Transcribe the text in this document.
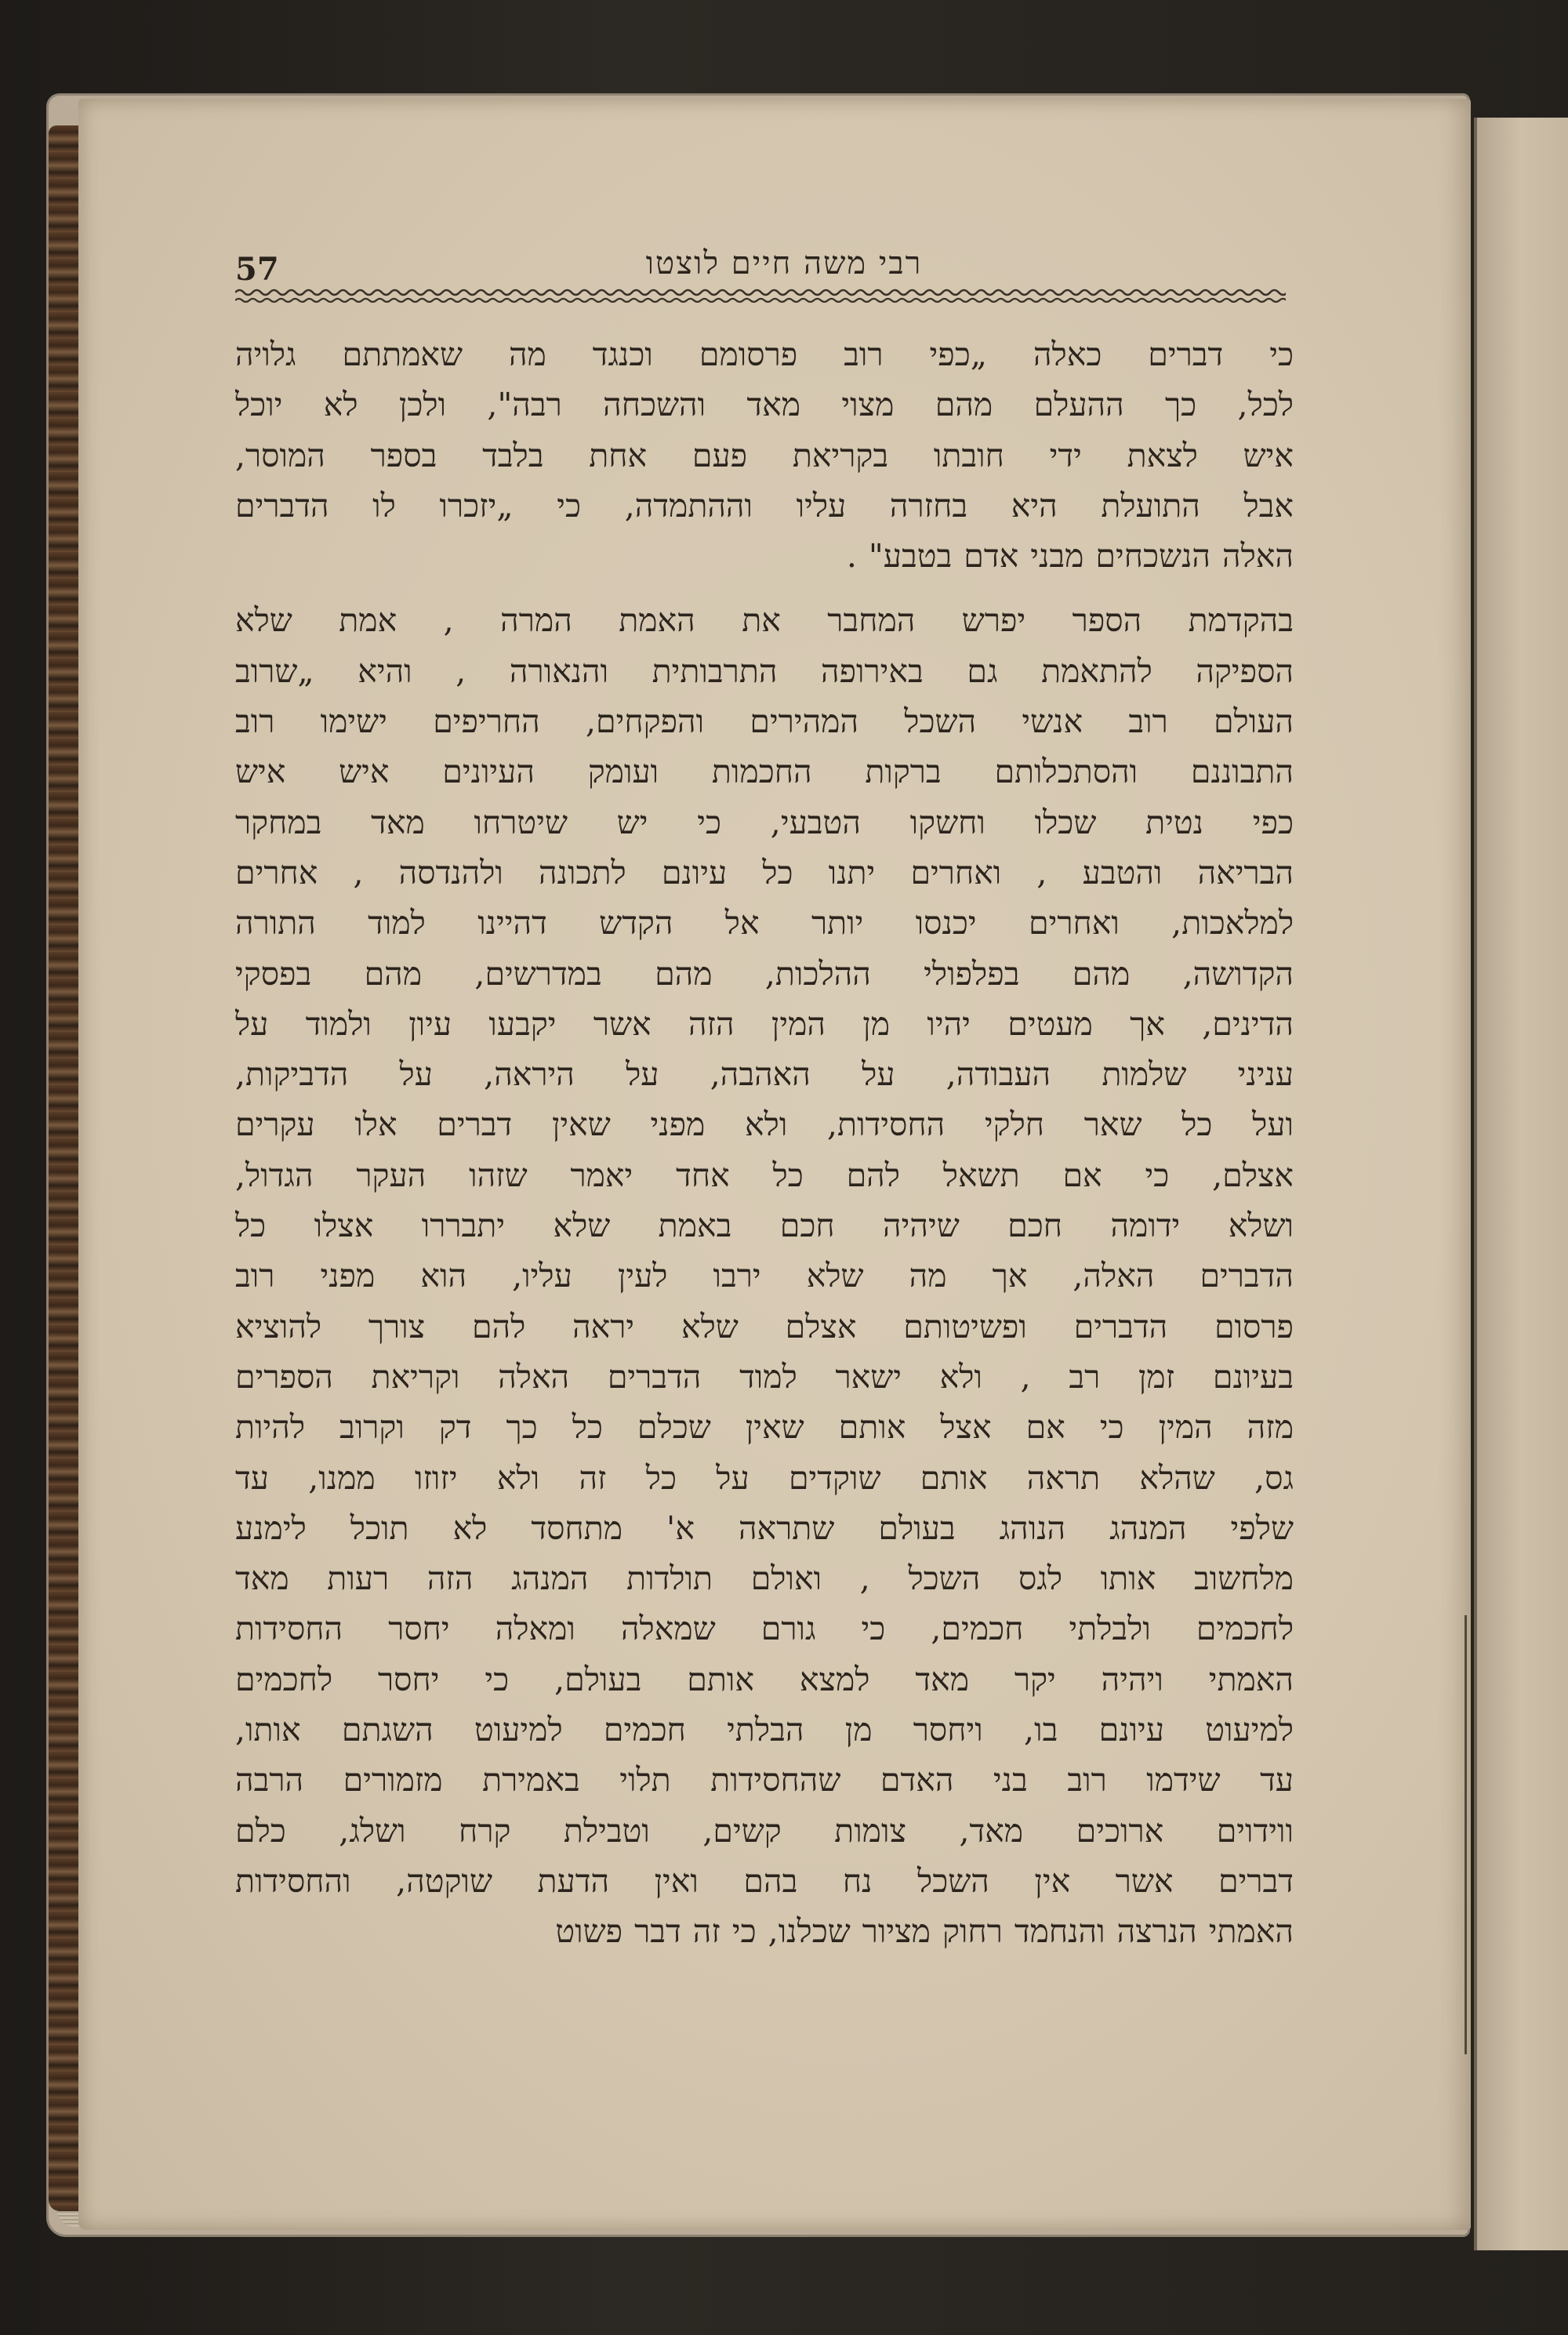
57	רבי משה חיים לוצטו
כי דברים כאלה „כפי רוב פרסומם וכנגד מה שאמתתם גלויה
לכל, כך ההעלם מהם מצוי מאד והשכחה רבה", ולכן לא יוכל
איש לצאת ידי חובתו בקריאת פעם אחת בלבד בספר המוסר,
אבל התועלת היא בחזרה עליו וההתמדה, כי „יזכרו לו הדברים
האלה הנשכחים מבני אדם בטבע" .
בהקדמת הספר יפרש המחבר את האמת המרה , אמת שלא
הספיקה להתאמת גם באירופה התרבותית והנאורה , והיא „שרוב
העולם רוב אנשי השכל המהירים והפקחים, החריפים ישימו רוב
התבוננם והסתכלותם ברקות החכמות ועומק העיונים איש איש
כפי נטית שכלו וחשקו הטבעי, כי יש שיטרחו מאד במחקר
הבריאה והטבע , ואחרים יתנו כל עיונם לתכונה ולהנדסה , אחרים
למלאכות, ואחרים יכנסו יותר אל הקדש דהיינו למוד התורה
הקדושה, מהם בפלפולי ההלכות, מהם במדרשים, מהם בפסקי
הדינים, אך מעטים יהיו מן המין הזה אשר יקבעו עיון ולמוד על
עניני שלמות העבודה, על האהבה, על היראה, על הדביקות,
ועל כל שאר חלקי החסידות, ולא מפני שאין דברים אלו עקרים
אצלם, כי אם תשאל להם כל אחד יאמר שזהו העקר הגדול,
ושלא ידומה חכם שיהיה חכם באמת שלא יתבררו אצלו כל
הדברים האלה, אך מה שלא ירבו לעין עליו, הוא מפני רוב
פרסום הדברים ופשיטותם אצלם שלא יראה להם צורך להוציא
בעיונם זמן רב , ולא ישאר למוד הדברים האלה וקריאת הספרים
מזה המין כי אם אצל אותם שאין שכלם כל כך דק וקרוב להיות
גס, שהלא תראה אותם שוקדים על כל זה ולא יזוזו ממנו, עד
שלפי המנהג הנוהג בעולם שתראה א' מתחסד לא תוכל לימנע
מלחשוב אותו לגס השכל , ואולם תולדות המנהג הזה רעות מאד
לחכמים ולבלתי חכמים, כי גורם שמאלה ומאלה יחסר החסידות
האמתי ויהיה יקר מאד למצא אותם בעולם, כי יחסר לחכמים
למיעוט עיונם בו, ויחסר מן הבלתי חכמים למיעוט השגתם אותו,
עד שידמו רוב בני האדם שהחסידות תלוי באמירת מזמורים הרבה
ווידוים ארוכים מאד, צומות קשים, וטבילת קרח ושלג, כלם
דברים אשר אין השכל נח בהם ואין הדעת שוקטה, והחסידות
האמתי הנרצה והנחמד רחוק מציור שכלנו, כי זה דבר פשוט
